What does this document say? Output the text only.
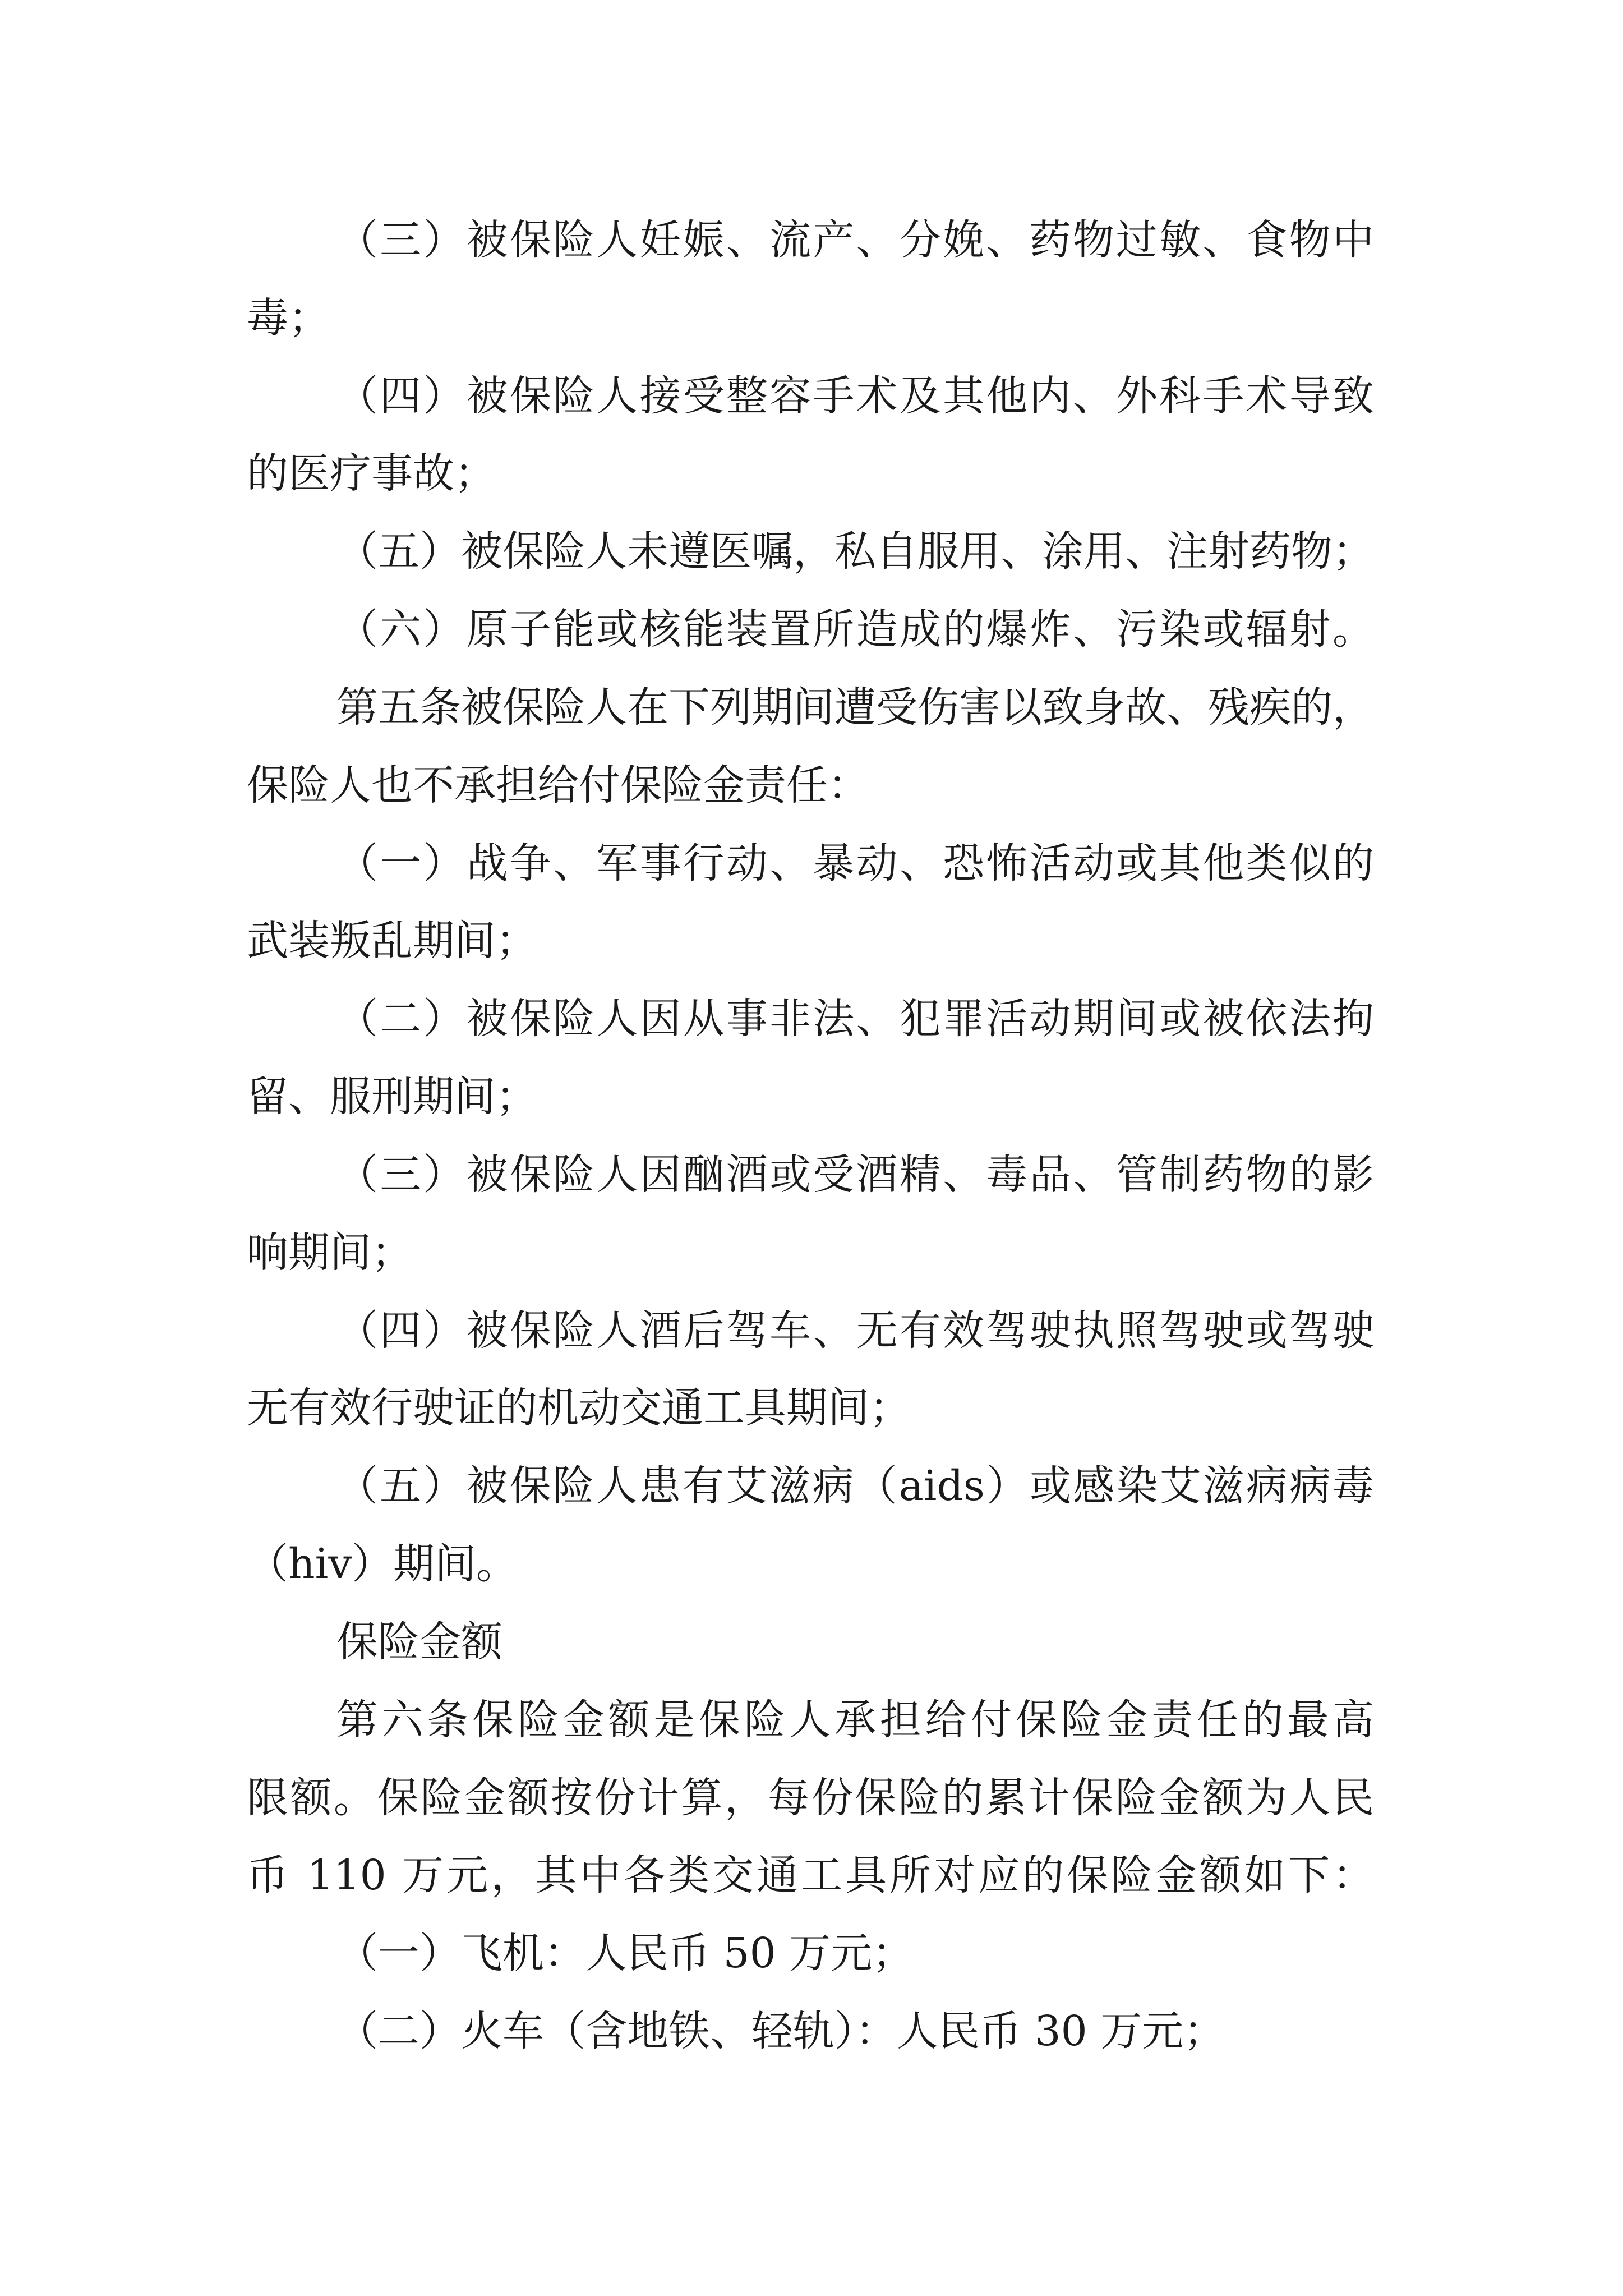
（三）被保险人妊娠、流产、分娩、药物过敏、食物中
毒；
（四）被保险人接受整容手术及其他内、外科手术导致
的医疗事故；
（五）被保险人未遵医嘱，私自服用、涂用、注射药物；
（六）原子能或核能装置所造成的爆炸、污染或辐射。
第五条被保险人在下列期间遭受伤害以致身故、残疾的，
保险人也不承担给付保险金责任：
（一）战争、军事行动、暴动、恐怖活动或其他类似的
武装叛乱期间；
（二）被保险人因从事非法、犯罪活动期间或被依法拘
留、服刑期间；
（三）被保险人因酗酒或受酒精、毒品、管制药物的影
响期间；
（四）被保险人酒后驾车、无有效驾驶执照驾驶或驾驶
无有效行驶证的机动交通工具期间；
（五）被保险人患有艾滋病（aids）或感染艾滋病病毒
（hiv）期间。
保险金额
第六条保险金额是保险人承担给付保险金责任的最高
限额。保险金额按份计算，每份保险的累计保险金额为人民
币 110 万元，其中各类交通工具所对应的保险金额如下：
（一）飞机：人民币 50 万元；
（二）火车（含地铁、轻轨）：人民币 30 万元；
